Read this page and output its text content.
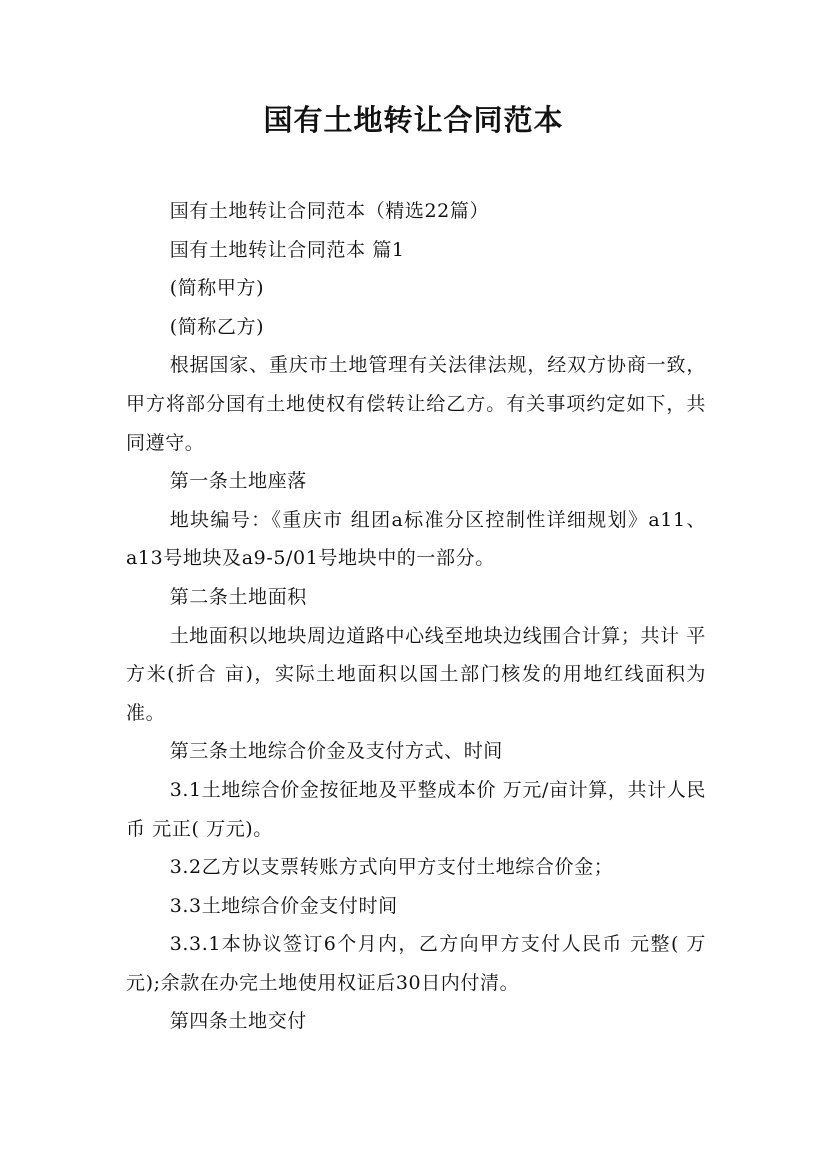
国有土地转让合同范本

国有土地转让合同范本（精选22篇）

国有土地转让合同范本 篇1

(简称甲方)

(简称乙方)

根据国家、重庆市土地管理有关法律法规，经双方协商一致，甲方将部分国有土地使权有偿转让给乙方。有关事项约定如下，共同遵守。

第一条土地座落

地块编号：《重庆市 组团a标准分区控制性详细规划》a11、a13号地块及a9-5/01号地块中的一部分。

第二条土地面积

土地面积以地块周边道路中心线至地块边线围合计算；共计 平方米(折合 亩)，实际土地面积以国土部门核发的用地红线面积为准。

第三条土地综合价金及支付方式、时间

3.1土地综合价金按征地及平整成本价 万元/亩计算，共计人民币 元正( 万元)。

3.2乙方以支票转账方式向甲方支付土地综合价金；

3.3土地综合价金支付时间

3.3.1本协议签订6个月内，乙方向甲方支付人民币 元整( 万元);余款在办完土地使用权证后30日内付清。

第四条土地交付
